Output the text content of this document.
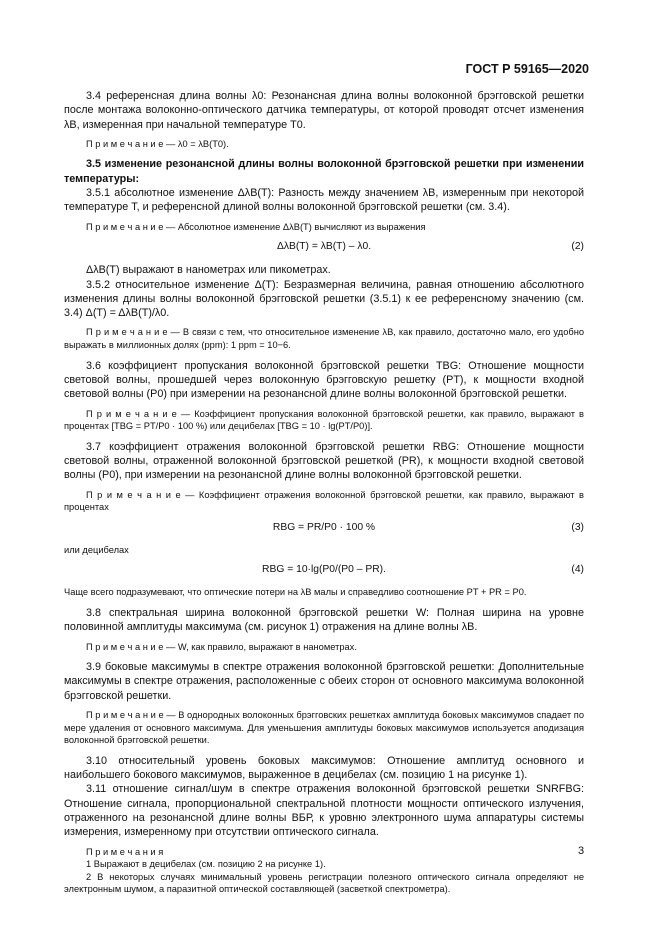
ГОСТ Р 59165—2020

3.4 референсная длина волны λ0: Резонансная длина волны волоконной брэгговской решетки после монтажа волоконно-оптического датчика температуры, от которой проводят отсчет изменения λB, измеренная при начальной температуре T0.

П р и м е ч а н и е — λ0 = λB(T0).

3.5 изменение резонансной длины волны волоконной брэгговской решетки при изменении температуры:

3.5.1 абсолютное изменение ΔλB(T): Разность между значением λB, измеренным при некоторой температуре T, и референсной длиной волны волоконной брэгговской решетки (см. 3.4).

П р и м е ч а н и е — Абсолютное изменение ΔλB(T) вычисляют из выражения

ΔλB(T) = λB(T) – λ0.	(2)

ΔλB(T) выражают в нанометрах или пикометрах.

3.5.2 относительное изменение Δ(T): Безразмерная величина, равная отношению абсолютного изменения длины волны волоконной брэгговской решетки (3.5.1) к ее референсному значению (см. 3.4) Δ(T) = ΔλB(T)/λ0.

П р и м е ч а н и е — В связи с тем, что относительное изменение λB, как правило, достаточно мало, его удобно выражать в миллионных долях (ppm): 1 ppm = 10−6.

3.6 коэффициент пропускания волоконной брэгговской решетки TBG: Отношение мощности световой волны, прошедшей через волоконную брэгговскую решетку (PT), к мощности входной световой волны (P0) при измерении на резонансной длине волны волоконной брэгговской решетки.

П р и м е ч а н и е — Коэффициент пропускания волоконной брэгговской решетки, как правило, выражают в процентах [TBG = PT/P0 · 100 %) или децибелах [TBG = 10 · lg(PT/P0)].

3.7 коэффициент отражения волоконной брэгговской решетки RBG: Отношение мощности световой волны, отраженной волоконной брэгговской решеткой (PR), к мощности входной световой волны (P0), при измерении на резонансной длине волны волоконной брэгговской решетки.

П р и м е ч а н и е — Коэффициент отражения волоконной брэгговской решетки, как правило, выражают в процентах

RBG = PR/P0 · 100 %	(3)

или децибелах

RBG = 10·lg(P0/(P0 – PR).	(4)

Чаще всего подразумевают, что оптические потери на λB малы и справедливо соотношение PT + PR = P0.

3.8 спектральная ширина волоконной брэгговской решетки W: Полная ширина на уровне половинной амплитуды максимума (см. рисунок 1) отражения на длине волны λB.

П р и м е ч а н и е — W, как правило, выражают в нанометрах.

3.9 боковые максимумы в спектре отражения волоконной брэгговской решетки: Дополнительные максимумы в спектре отражения, расположенные с обеих сторон от основного максимума волоконной брэгговской решетки.

П р и м е ч а н и е — В однородных волоконных брэгговских решетках амплитуда боковых максимумов спадает по мере удаления от основного максимума. Для уменьшения амплитуды боковых максимумов используется аподизация волоконной брэгговской решетки.

3.10 относительный уровень боковых максимумов: Отношение амплитуд основного и наибольшего бокового максимумов, выраженное в децибелах (см. позицию 1 на рисунке 1).

3.11 отношение сигнал/шум в спектре отражения волоконной брэгговской решетки SNRFBG: Отношение сигнала, пропорциональной спектральной плотности мощности оптического излучения, отраженного на резонансной длине волны ВБР, к уровню электронного шума аппаратуры системы измерения, измеренному при отсутствии оптического сигнала.

П р и м е ч а н и я

1 Выражают в децибелах (см. позицию 2 на рисунке 1).

2 В некоторых случаях минимальный уровень регистрации полезного оптического сигнала определяют не электронным шумом, а паразитной оптической составляющей (засветкой спектрометра).

3
